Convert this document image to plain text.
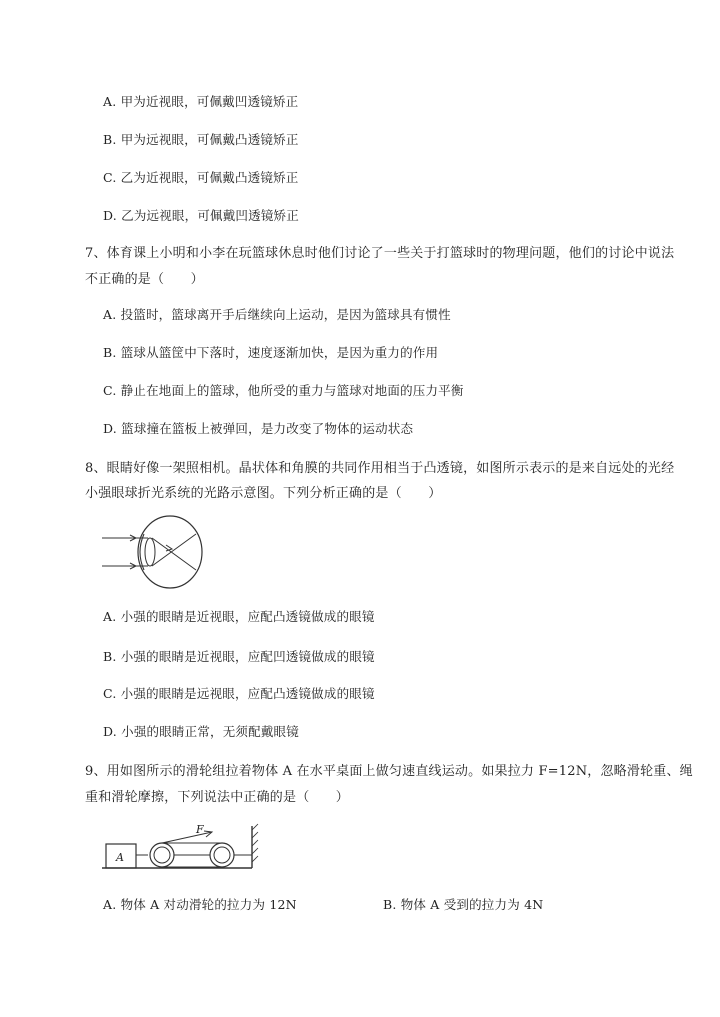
A. 甲为近视眼，可佩戴凹透镜矫正
B. 甲为远视眼，可佩戴凸透镜矫正
C. 乙为近视眼，可佩戴凸透镜矫正
D. 乙为远视眼，可佩戴凹透镜矫正
7、体育课上小明和小李在玩篮球休息时他们讨论了一些关于打篮球时的物理问题，他们的讨论中说法
不正确的是（　　）
A. 投篮时，篮球离开手后继续向上运动，是因为篮球具有惯性
B. 篮球从篮筐中下落时，速度逐渐加快，是因为重力的作用
C. 静止在地面上的篮球，他所受的重力与篮球对地面的压力平衡
D. 篮球撞在篮板上被弹回，是力改变了物体的运动状态
8、眼睛好像一架照相机。晶状体和角膜的共同作用相当于凸透镜，如图所示表示的是来自远处的光经
小强眼球折光系统的光路示意图。下列分析正确的是（　　）
A. 小强的眼睛是近视眼，应配凸透镜做成的眼镜
B. 小强的眼睛是近视眼，应配凹透镜做成的眼镜
C. 小强的眼睛是远视眼，应配凸透镜做成的眼镜
D. 小强的眼睛正常，无须配戴眼镜
9、用如图所示的滑轮组拉着物体 A 在水平桌面上做匀速直线运动。如果拉力 F=12N，忽略滑轮重、绳
重和滑轮摩擦，下列说法中正确的是（　　）
A
F
A. 物体 A 对动滑轮的拉力为 12N	B. 物体 A 受到的拉力为 4N
